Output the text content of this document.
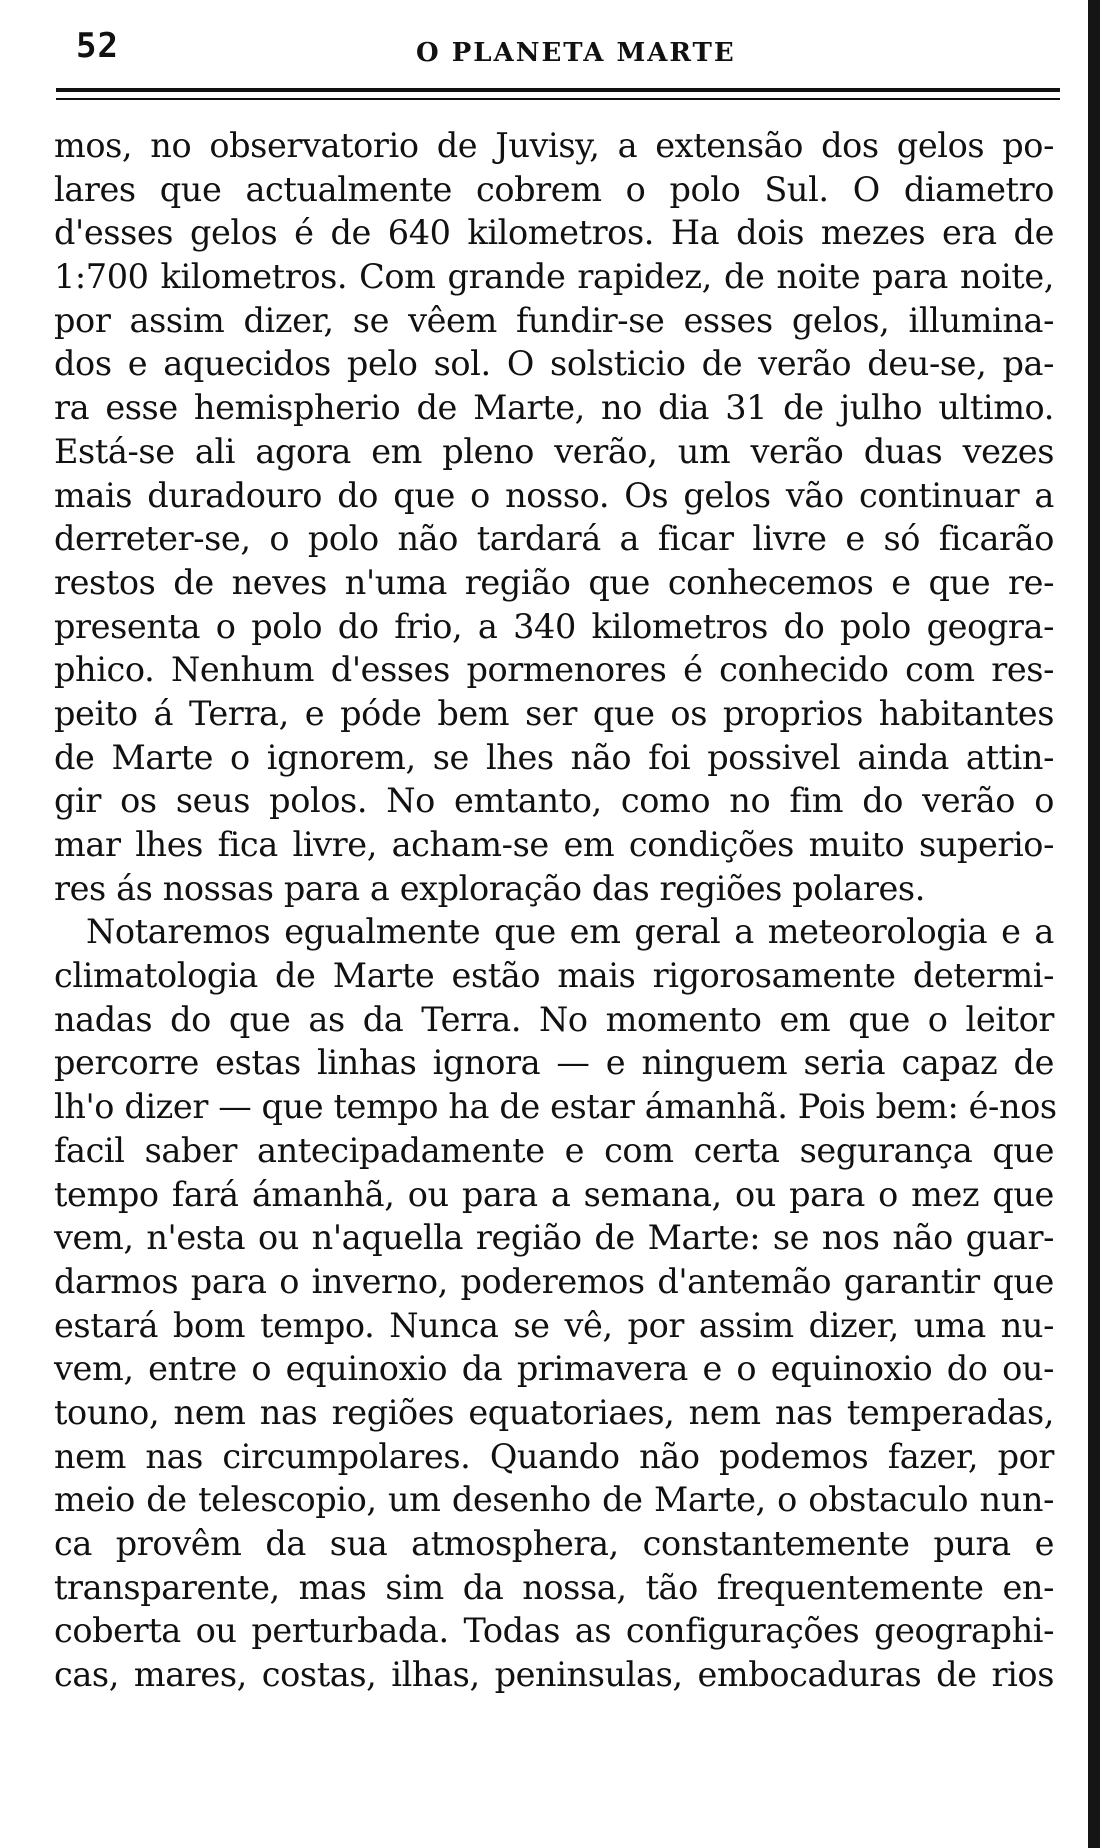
52	O PLANETA MARTE
mos, no observatorio de Juvisy, a extensão dos gelos po-
lares que actualmente cobrem o polo Sul. O diametro
d'esses gelos é de 640 kilometros. Ha dois mezes era de
1:700 kilometros. Com grande rapidez, de noite para noite,
por assim dizer, se vêem fundir-se esses gelos, illumina-
dos e aquecidos pelo sol. O solsticio de verão deu-se, pa-
ra esse hemispherio de Marte, no dia 31 de julho ultimo.
Está-se ali agora em pleno verão, um verão duas vezes
mais duradouro do que o nosso. Os gelos vão continuar a
derreter-se, o polo não tardará a ficar livre e só ficarão
restos de neves n'uma região que conhecemos e que re-
presenta o polo do frio, a 340 kilometros do polo geogra-
phico. Nenhum d'esses pormenores é conhecido com res-
peito á Terra, e póde bem ser que os proprios habitantes
de Marte o ignorem, se lhes não foi possivel ainda attin-
gir os seus polos. No emtanto, como no fim do verão o
mar lhes fica livre, acham-se em condições muito superio-
res ás nossas para a exploração das regiões polares.
Notaremos egualmente que em geral a meteorologia e a
climatologia de Marte estão mais rigorosamente determi-
nadas do que as da Terra. No momento em que o leitor
percorre estas linhas ignora — e ninguem seria capaz de
lh'o dizer — que tempo ha de estar ámanhã. Pois bem: é-nos
facil saber antecipadamente e com certa segurança que
tempo fará ámanhã, ou para a semana, ou para o mez que
vem, n'esta ou n'aquella região de Marte: se nos não guar-
darmos para o inverno, poderemos d'antemão garantir que
estará bom tempo. Nunca se vê, por assim dizer, uma nu-
vem, entre o equinoxio da primavera e o equinoxio do ou-
touno, nem nas regiões equatoriaes, nem nas temperadas,
nem nas circumpolares. Quando não podemos fazer, por
meio de telescopio, um desenho de Marte, o obstaculo nun-
ca provêm da sua atmosphera, constantemente pura e
transparente, mas sim da nossa, tão frequentemente en-
coberta ou perturbada. Todas as configurações geographi-
cas, mares, costas, ilhas, peninsulas, embocaduras de rios
